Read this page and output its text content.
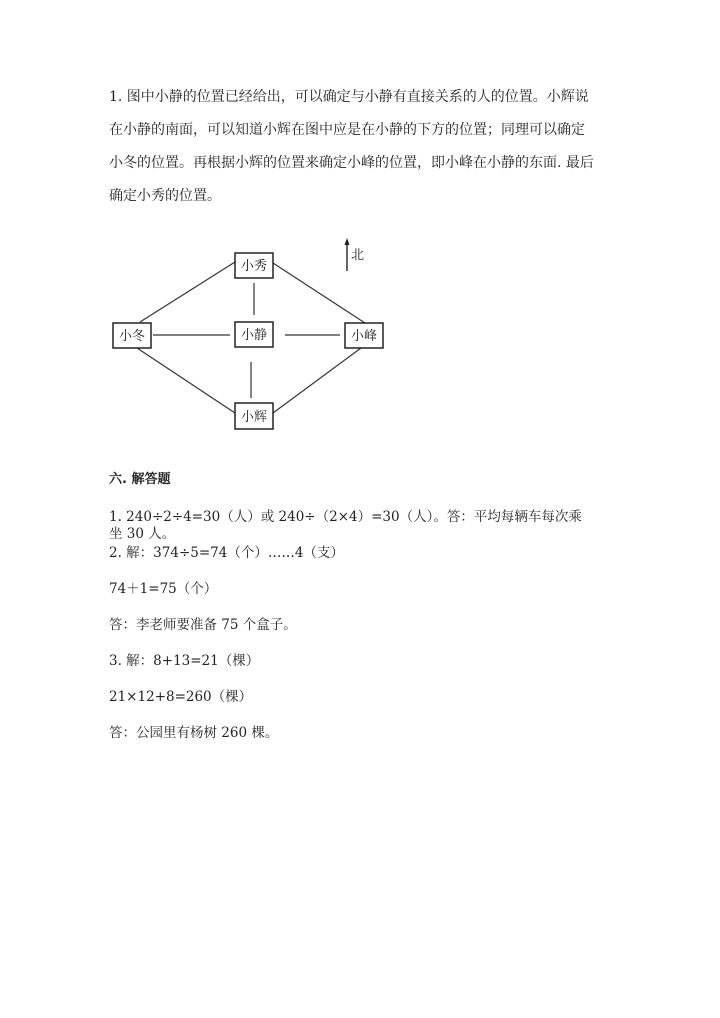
1. 图中小静的位置已经给出，可以确定与小静有直接关系的人的位置。小辉说
在小静的南面，可以知道小辉在图中应是在小静的下方的位置；同理可以确定
小冬的位置。再根据小辉的位置来确定小峰的位置，即小峰在小静的东面. 最后
确定小秀的位置。
小秀
小冬	小静	小峰
小辉
北
六. 解答题
1. 240÷2÷4=30（人）或 240÷（2×4）=30（人）。答：平均每辆车每次乘
坐 30 人。
2. 解：374÷5=74（个）……4（支）
74＋1=75（个）
答：李老师要准备 75 个盒子。
3. 解：8+13=21（棵）
21×12+8=260（棵）
答：公园里有杨树 260 棵。
